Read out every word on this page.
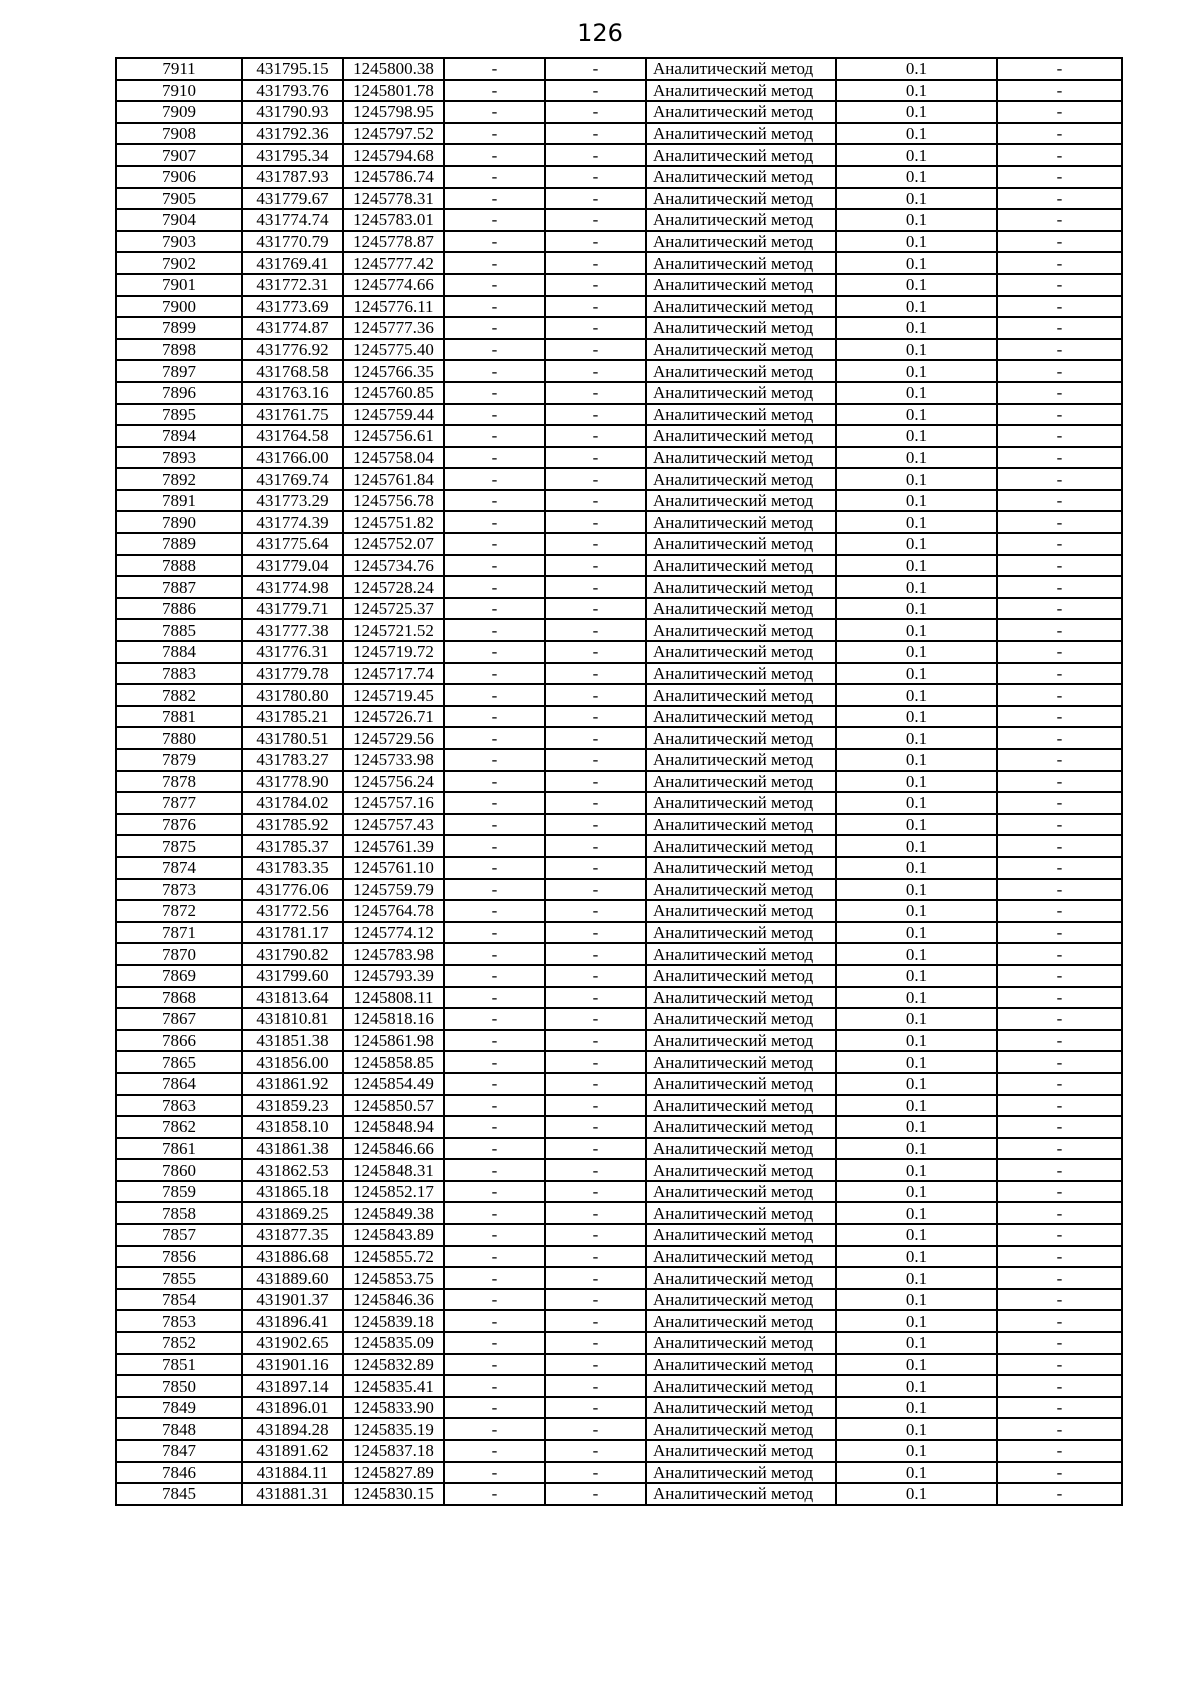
126
7911	431795.15	1245800.38	-	-	Аналитический метод	0.1	-
7910	431793.76	1245801.78	-	-	Аналитический метод	0.1	-
7909	431790.93	1245798.95	-	-	Аналитический метод	0.1	-
7908	431792.36	1245797.52	-	-	Аналитический метод	0.1	-
7907	431795.34	1245794.68	-	-	Аналитический метод	0.1	-
7906	431787.93	1245786.74	-	-	Аналитический метод	0.1	-
7905	431779.67	1245778.31	-	-	Аналитический метод	0.1	-
7904	431774.74	1245783.01	-	-	Аналитический метод	0.1	-
7903	431770.79	1245778.87	-	-	Аналитический метод	0.1	-
7902	431769.41	1245777.42	-	-	Аналитический метод	0.1	-
7901	431772.31	1245774.66	-	-	Аналитический метод	0.1	-
7900	431773.69	1245776.11	-	-	Аналитический метод	0.1	-
7899	431774.87	1245777.36	-	-	Аналитический метод	0.1	-
7898	431776.92	1245775.40	-	-	Аналитический метод	0.1	-
7897	431768.58	1245766.35	-	-	Аналитический метод	0.1	-
7896	431763.16	1245760.85	-	-	Аналитический метод	0.1	-
7895	431761.75	1245759.44	-	-	Аналитический метод	0.1	-
7894	431764.58	1245756.61	-	-	Аналитический метод	0.1	-
7893	431766.00	1245758.04	-	-	Аналитический метод	0.1	-
7892	431769.74	1245761.84	-	-	Аналитический метод	0.1	-
7891	431773.29	1245756.78	-	-	Аналитический метод	0.1	-
7890	431774.39	1245751.82	-	-	Аналитический метод	0.1	-
7889	431775.64	1245752.07	-	-	Аналитический метод	0.1	-
7888	431779.04	1245734.76	-	-	Аналитический метод	0.1	-
7887	431774.98	1245728.24	-	-	Аналитический метод	0.1	-
7886	431779.71	1245725.37	-	-	Аналитический метод	0.1	-
7885	431777.38	1245721.52	-	-	Аналитический метод	0.1	-
7884	431776.31	1245719.72	-	-	Аналитический метод	0.1	-
7883	431779.78	1245717.74	-	-	Аналитический метод	0.1	-
7882	431780.80	1245719.45	-	-	Аналитический метод	0.1	-
7881	431785.21	1245726.71	-	-	Аналитический метод	0.1	-
7880	431780.51	1245729.56	-	-	Аналитический метод	0.1	-
7879	431783.27	1245733.98	-	-	Аналитический метод	0.1	-
7878	431778.90	1245756.24	-	-	Аналитический метод	0.1	-
7877	431784.02	1245757.16	-	-	Аналитический метод	0.1	-
7876	431785.92	1245757.43	-	-	Аналитический метод	0.1	-
7875	431785.37	1245761.39	-	-	Аналитический метод	0.1	-
7874	431783.35	1245761.10	-	-	Аналитический метод	0.1	-
7873	431776.06	1245759.79	-	-	Аналитический метод	0.1	-
7872	431772.56	1245764.78	-	-	Аналитический метод	0.1	-
7871	431781.17	1245774.12	-	-	Аналитический метод	0.1	-
7870	431790.82	1245783.98	-	-	Аналитический метод	0.1	-
7869	431799.60	1245793.39	-	-	Аналитический метод	0.1	-
7868	431813.64	1245808.11	-	-	Аналитический метод	0.1	-
7867	431810.81	1245818.16	-	-	Аналитический метод	0.1	-
7866	431851.38	1245861.98	-	-	Аналитический метод	0.1	-
7865	431856.00	1245858.85	-	-	Аналитический метод	0.1	-
7864	431861.92	1245854.49	-	-	Аналитический метод	0.1	-
7863	431859.23	1245850.57	-	-	Аналитический метод	0.1	-
7862	431858.10	1245848.94	-	-	Аналитический метод	0.1	-
7861	431861.38	1245846.66	-	-	Аналитический метод	0.1	-
7860	431862.53	1245848.31	-	-	Аналитический метод	0.1	-
7859	431865.18	1245852.17	-	-	Аналитический метод	0.1	-
7858	431869.25	1245849.38	-	-	Аналитический метод	0.1	-
7857	431877.35	1245843.89	-	-	Аналитический метод	0.1	-
7856	431886.68	1245855.72	-	-	Аналитический метод	0.1	-
7855	431889.60	1245853.75	-	-	Аналитический метод	0.1	-
7854	431901.37	1245846.36	-	-	Аналитический метод	0.1	-
7853	431896.41	1245839.18	-	-	Аналитический метод	0.1	-
7852	431902.65	1245835.09	-	-	Аналитический метод	0.1	-
7851	431901.16	1245832.89	-	-	Аналитический метод	0.1	-
7850	431897.14	1245835.41	-	-	Аналитический метод	0.1	-
7849	431896.01	1245833.90	-	-	Аналитический метод	0.1	-
7848	431894.28	1245835.19	-	-	Аналитический метод	0.1	-
7847	431891.62	1245837.18	-	-	Аналитический метод	0.1	-
7846	431884.11	1245827.89	-	-	Аналитический метод	0.1	-
7845	431881.31	1245830.15	-	-	Аналитический метод	0.1	-
